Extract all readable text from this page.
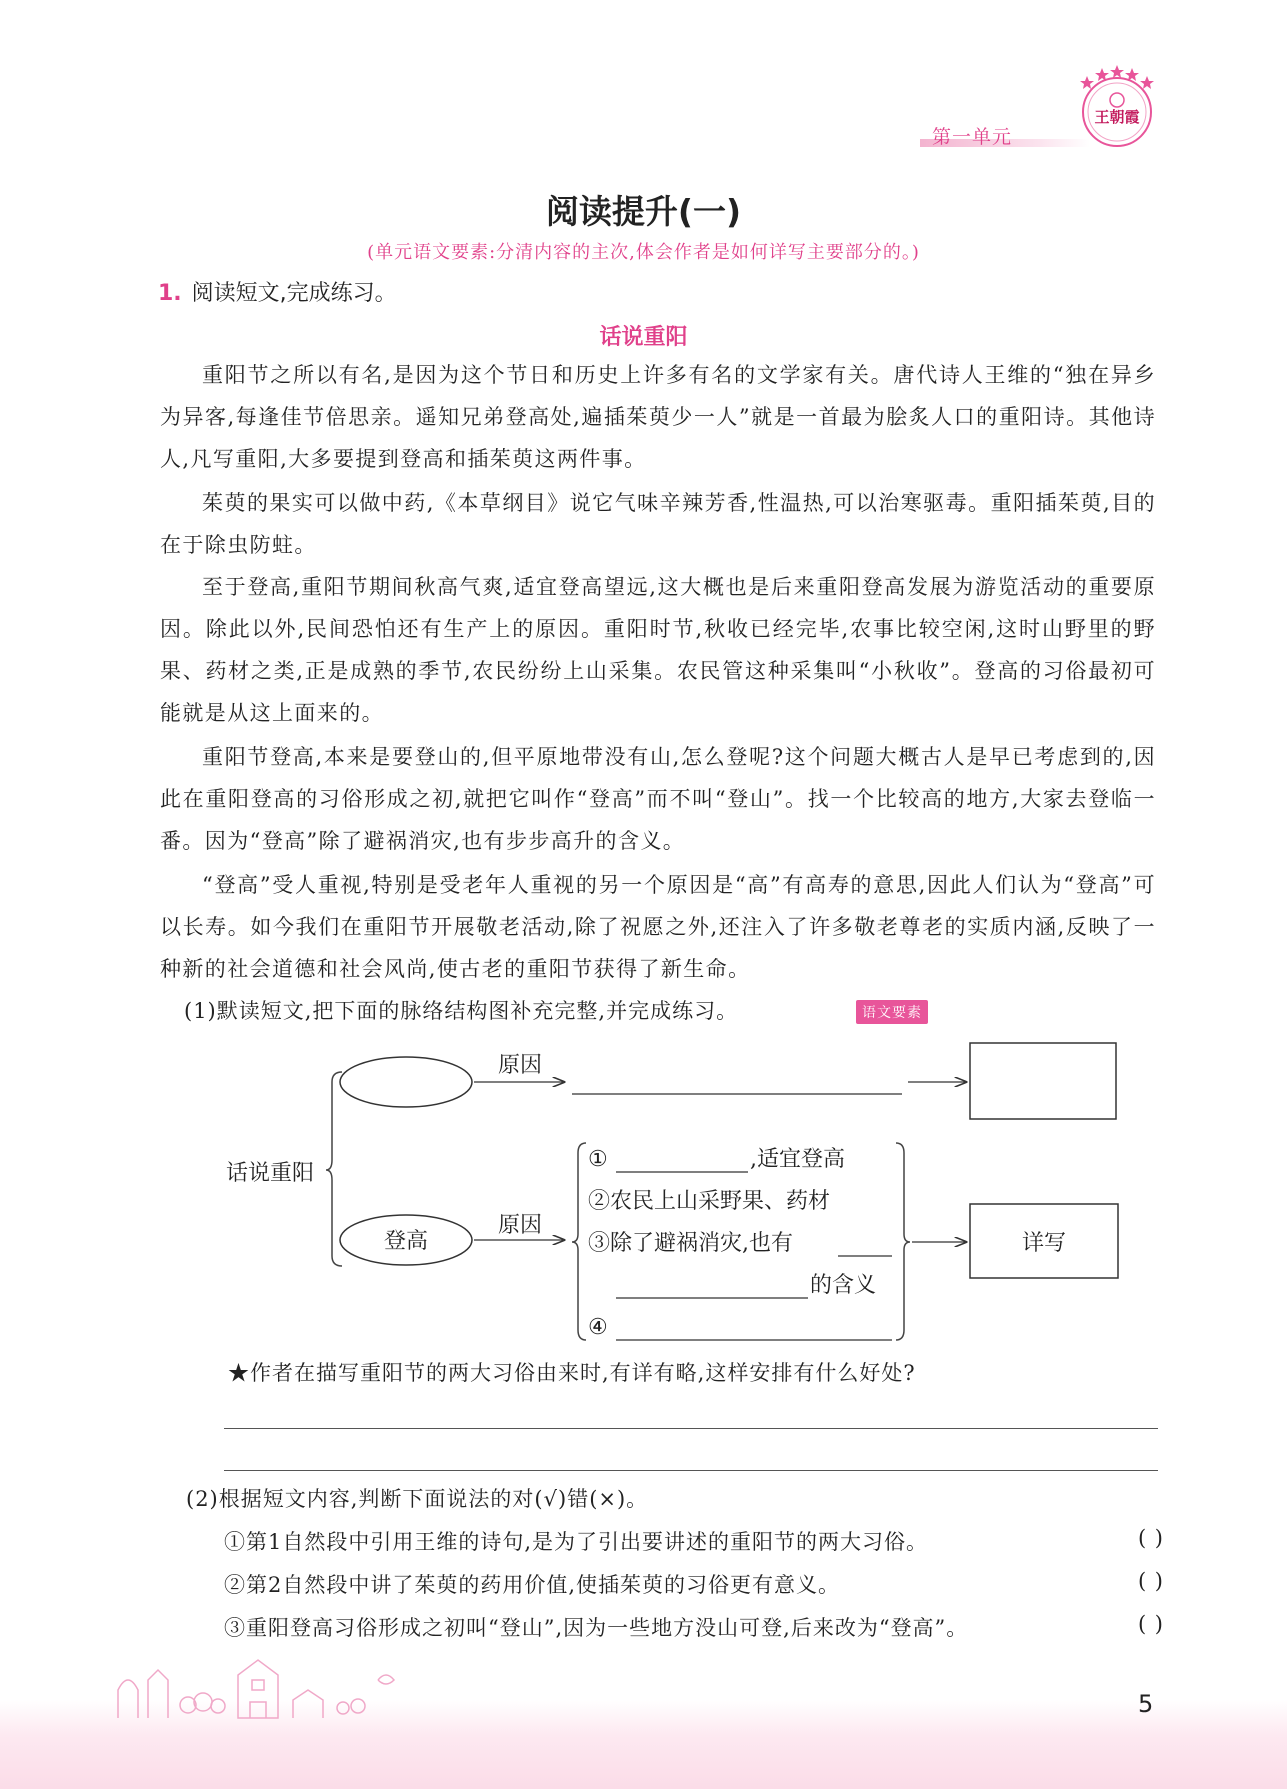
第一单元
王朝霞
阅读提升(一)
(单元语文要素:分清内容的主次,体会作者是如何详写主要部分的。)
1. 阅读短文,完成练习。
话说重阳
重阳节之所以有名,是因为这个节日和历史上许多有名的文学家有关。唐代诗人王维的“独在异乡为异客,每逢佳节倍思亲。遥知兄弟登高处,遍插茱萸少一人”就是一首最为脍炙人口的重阳诗。其他诗人,凡写重阳,大多要提到登高和插茱萸这两件事。
茱萸的果实可以做中药,《本草纲目》说它气味辛辣芳香,性温热,可以治寒驱毒。重阳插茱萸,目的在于除虫防蛀。
至于登高,重阳节期间秋高气爽,适宜登高望远,这大概也是后来重阳登高发展为游览活动的重要原因。除此以外,民间恐怕还有生产上的原因。重阳时节,秋收已经完毕,农事比较空闲,这时山野里的野果、药材之类,正是成熟的季节,农民纷纷上山采集。农民管这种采集叫“小秋收”。登高的习俗最初可能就是从这上面来的。
重阳节登高,本来是要登山的,但平原地带没有山,怎么登呢?这个问题大概古人是早已考虑到的,因此在重阳登高的习俗形成之初,就把它叫作“登高”而不叫“登山”。找一个比较高的地方,大家去登临一番。因为“登高”除了避祸消灾,也有步步高升的含义。
“登高”受人重视,特别是受老年人重视的另一个原因是“高”有高寿的意思,因此人们认为“登高”可以长寿。如今我们在重阳节开展敬老活动,除了祝愿之外,还注入了许多敬老尊老的实质内涵,反映了一种新的社会道德和社会风尚,使古老的重阳节获得了新生命。
(1)默读短文,把下面的脉络结构图补充完整,并完成练习。	语文要素
话说重阳
原因
原因
登高
①	,适宜登高
②农民上山采野果、药材
③除了避祸消灾,也有
的含义
④
详写
★作者在描写重阳节的两大习俗由来时,有详有略,这样安排有什么好处?
(2)根据短文内容,判断下面说法的对(√)错(×)。
①第1自然段中引用王维的诗句,是为了引出要讲述的重阳节的两大习俗。	( )
②第2自然段中讲了茱萸的药用价值,使插茱萸的习俗更有意义。	( )
③重阳登高习俗形成之初叫“登山”,因为一些地方没山可登,后来改为“登高”。	( )
5
